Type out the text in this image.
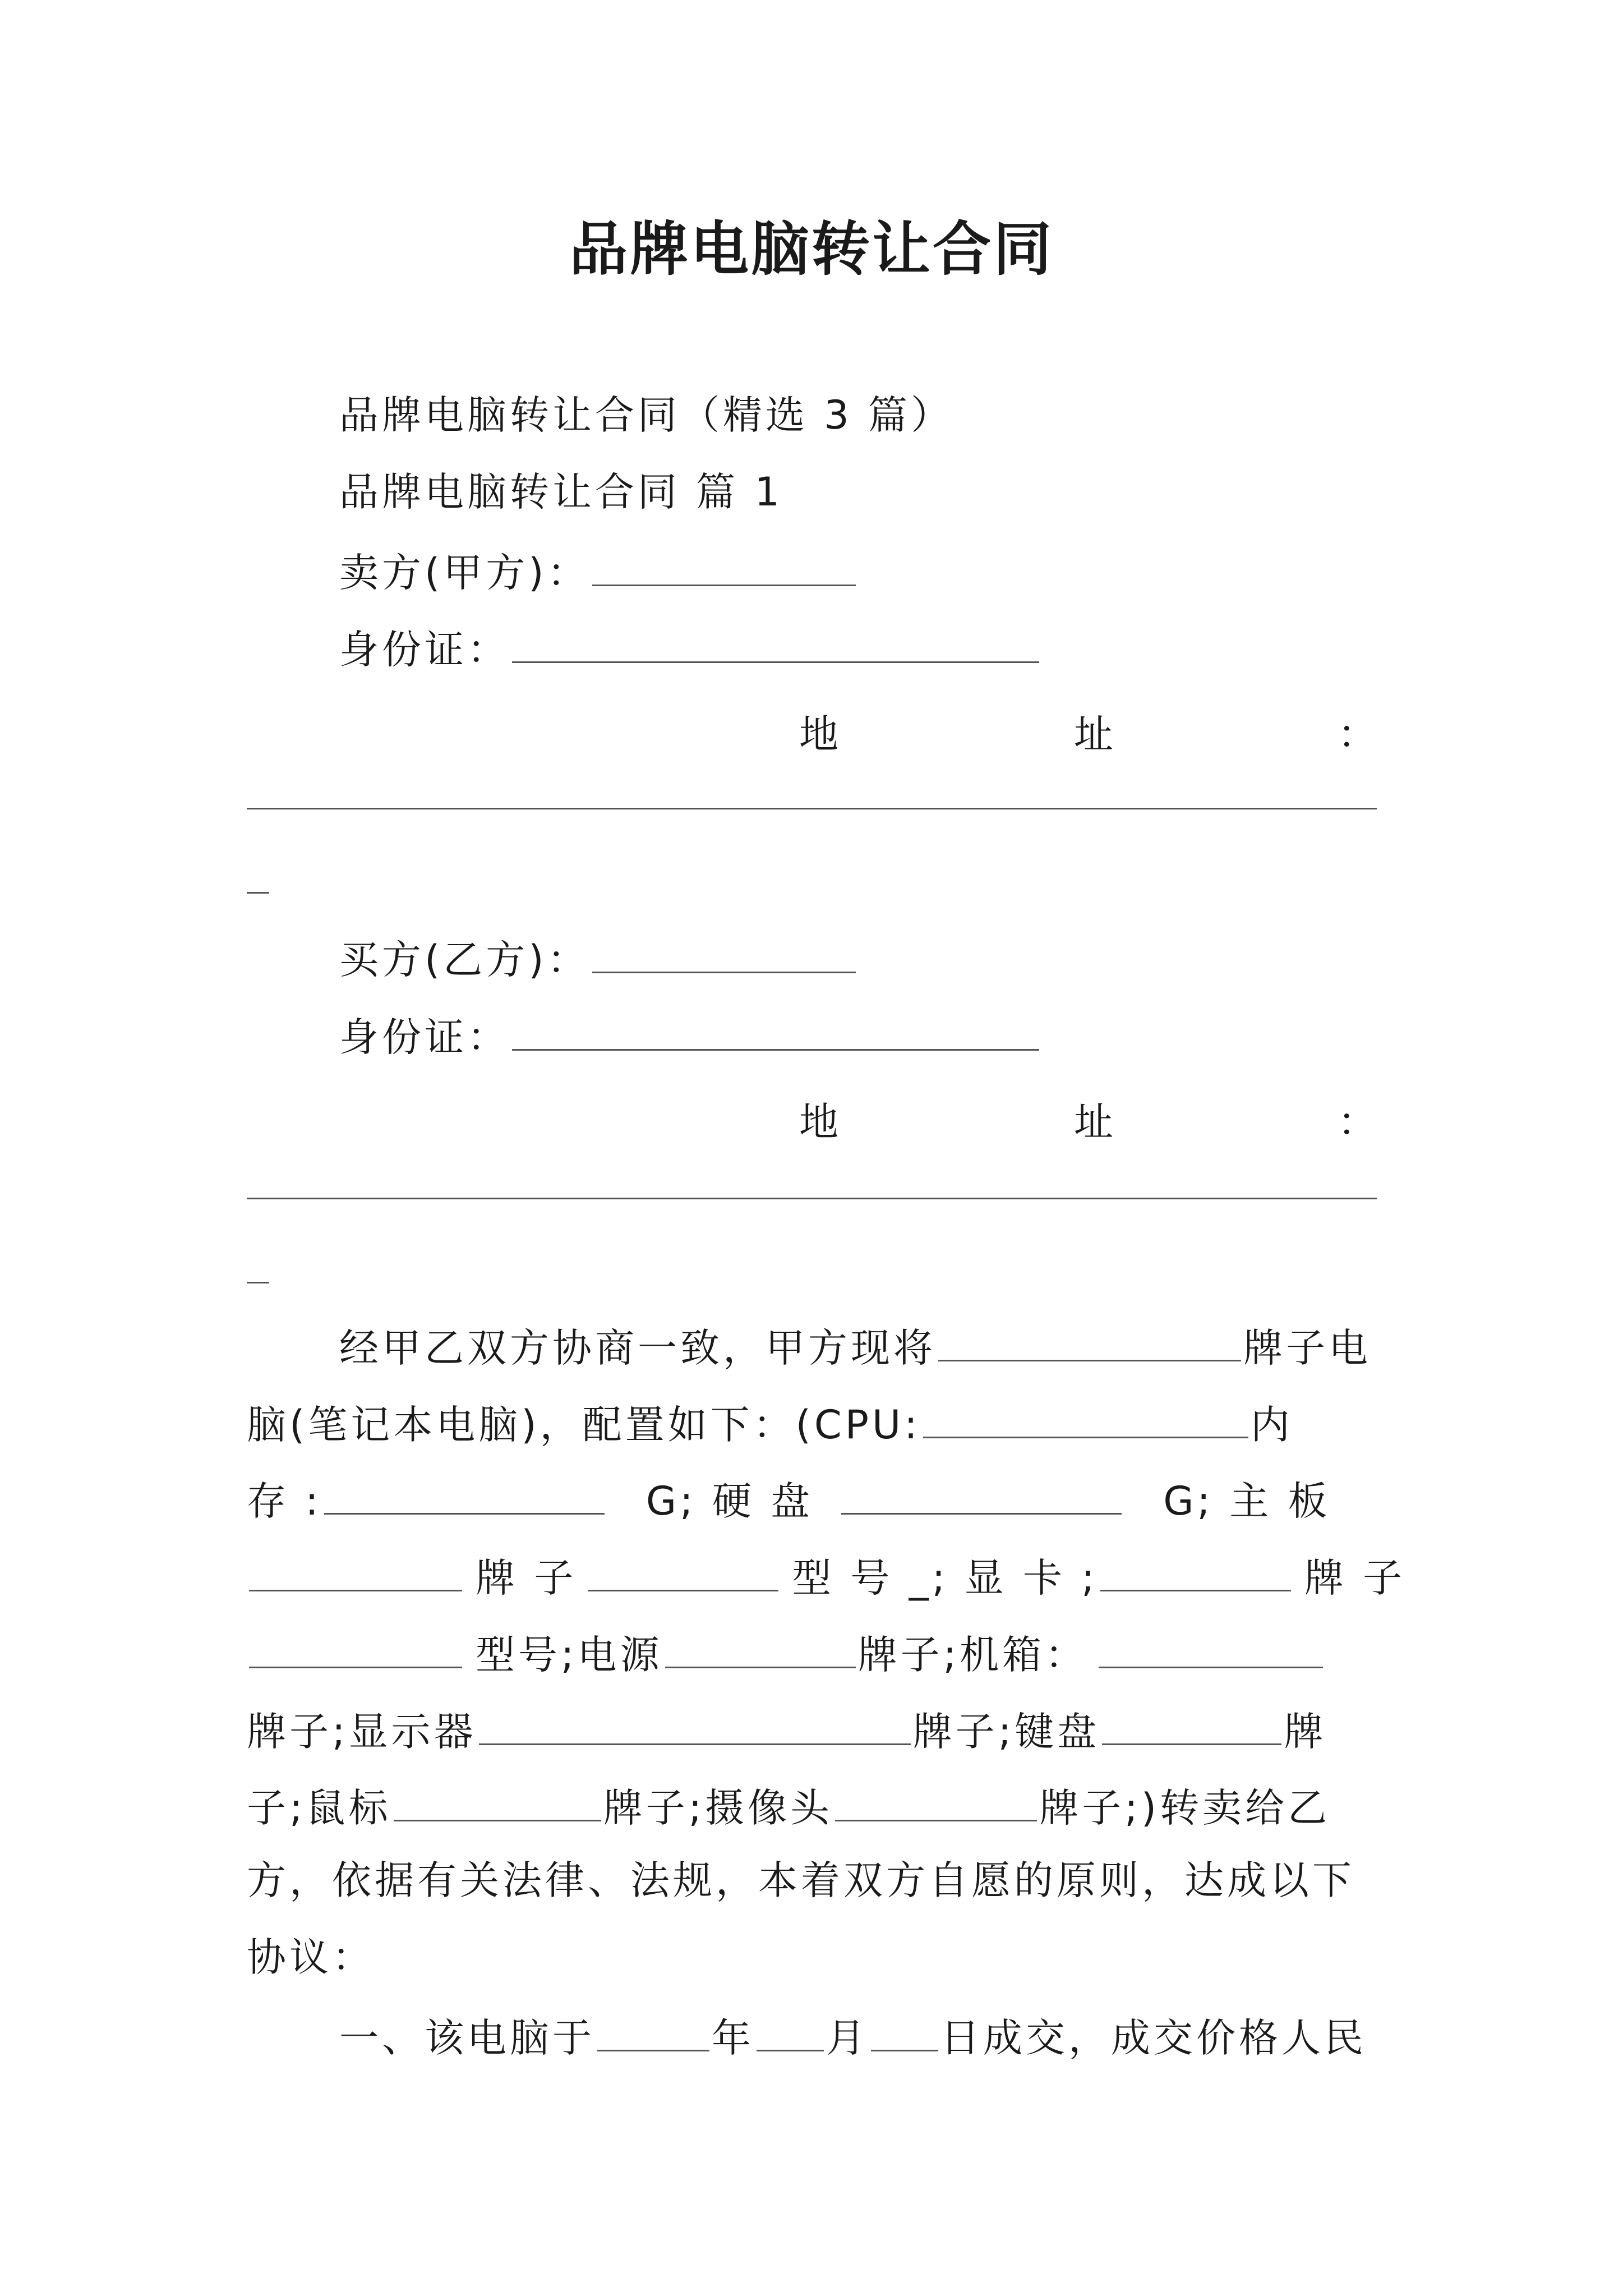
品牌电脑转让合同
品牌电脑转让合同（精选 3 篇）
品牌电脑转让合同 篇 1
卖方(甲方)：
身份证：
地	址	：
买方(乙方)：
身份证：
地	址	：
经甲乙双方协商一致，甲方现将	牌子电
脑(笔记本电脑)，配置如下：(CPU:	内
存 :	G; 硬 盘	G; 主 板
牌 子	型 号 _; 显 卡 ;	牌 子
型号;电源	牌子;机箱：
牌子;显示器	牌子;键盘	牌
子;鼠标	牌子;摄像头	牌子;)转卖给乙
方，依据有关法律、法规，本着双方自愿的原则，达成以下
协议：
一、该电脑于	年 月 日成交，成交价格人民
